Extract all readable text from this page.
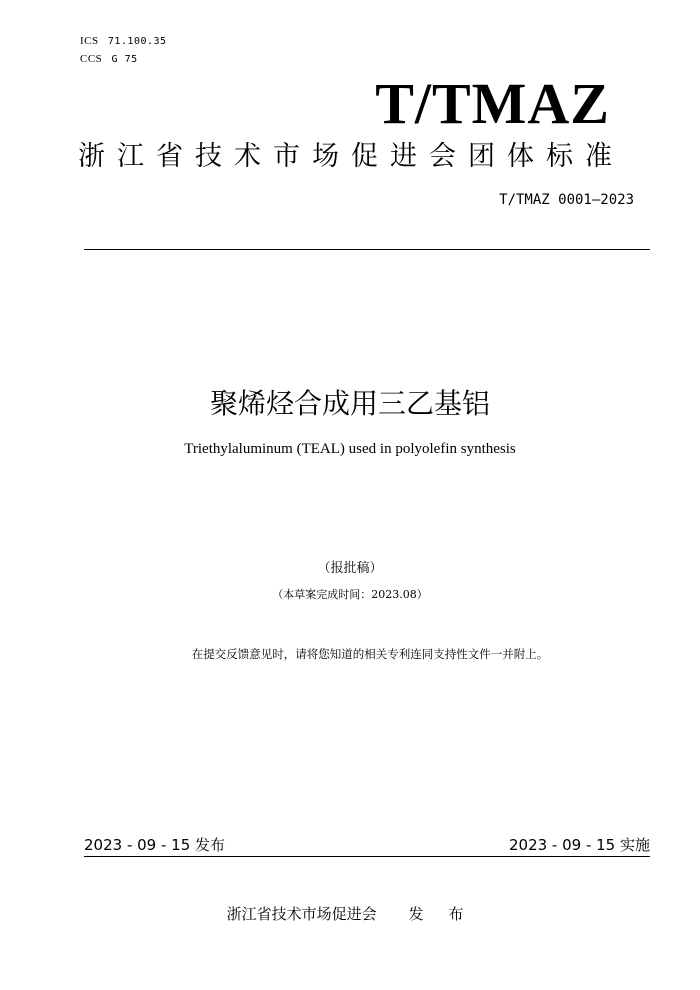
ICS 71.100.35
CCS G 75
T/TMAZ
浙江省技术市场促进会团体标准
T/TMAZ 0001—2023
聚烯烃合成用三乙基铝
Triethylaluminum (TEAL) used in polyolefin synthesis
（报批稿）
（本草案完成时间：2023.08）
在提交反馈意见时，请将您知道的相关专利连同支持性文件一并附上。
2023 - 09 - 15 发布	2023 - 09 - 15 实施
浙江省技术市场促进会 发 布
